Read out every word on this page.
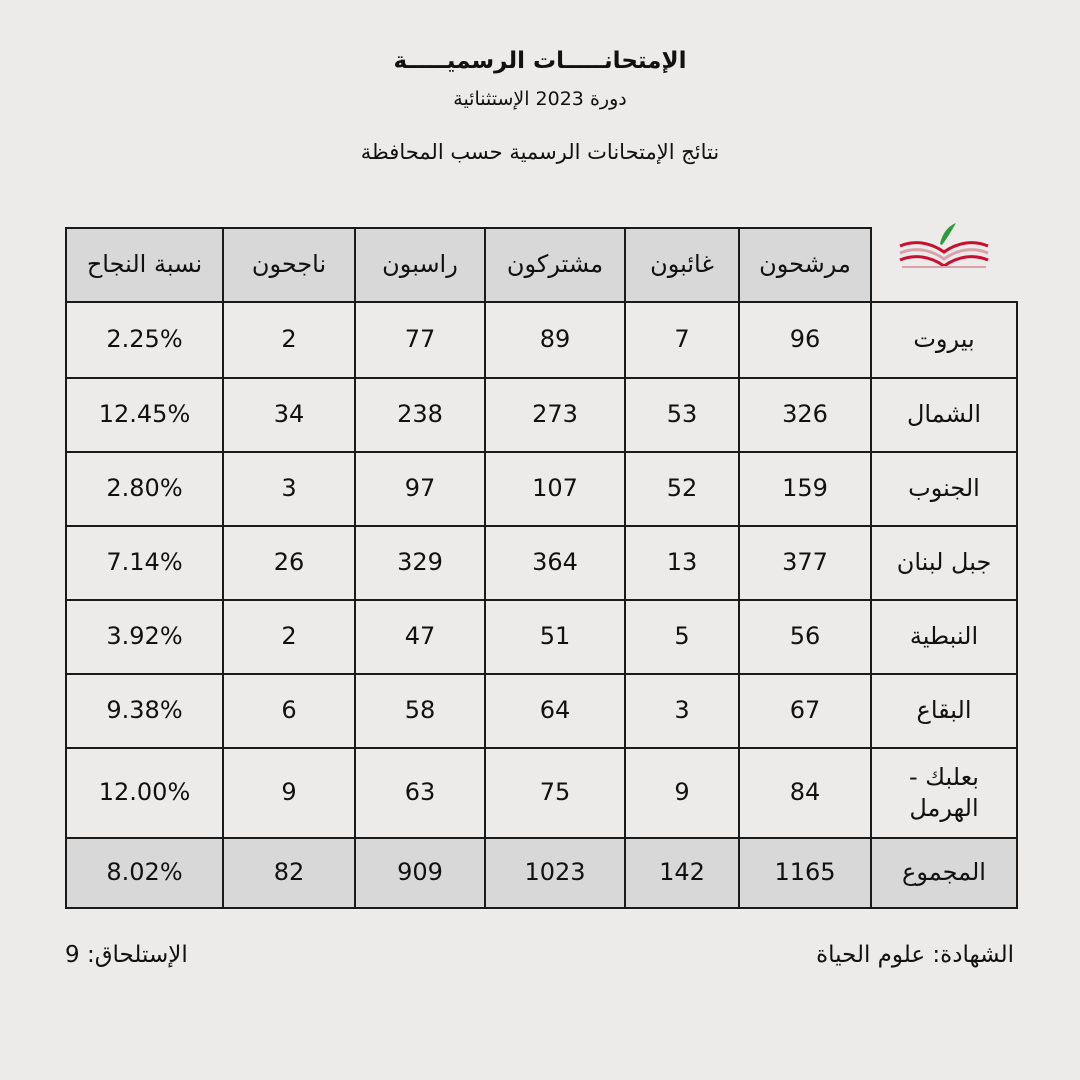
الإمتحانـــــات الرسميـــــة
دورة 2023 الإستثنائية
نتائج الإمتحانات الرسمية حسب المحافظة
	مرشحون	غائبون	مشتركون	راسبون	ناجحون	نسبة النجاح
بيروت	96	7	89	77	2	2.25%
الشمال	326	53	273	238	34	12.45%
الجنوب	159	52	107	97	3	2.80%
جبل لبنان	377	13	364	329	26	7.14%
النبطية	56	5	51	47	2	3.92%
البقاع	67	3	64	58	6	9.38%
بعلبك - الهرمل	84	9	75	63	9	12.00%
المجموع	1165	142	1023	909	82	8.02%
الشهادة: علوم الحياة
الإستلحاق: 9
